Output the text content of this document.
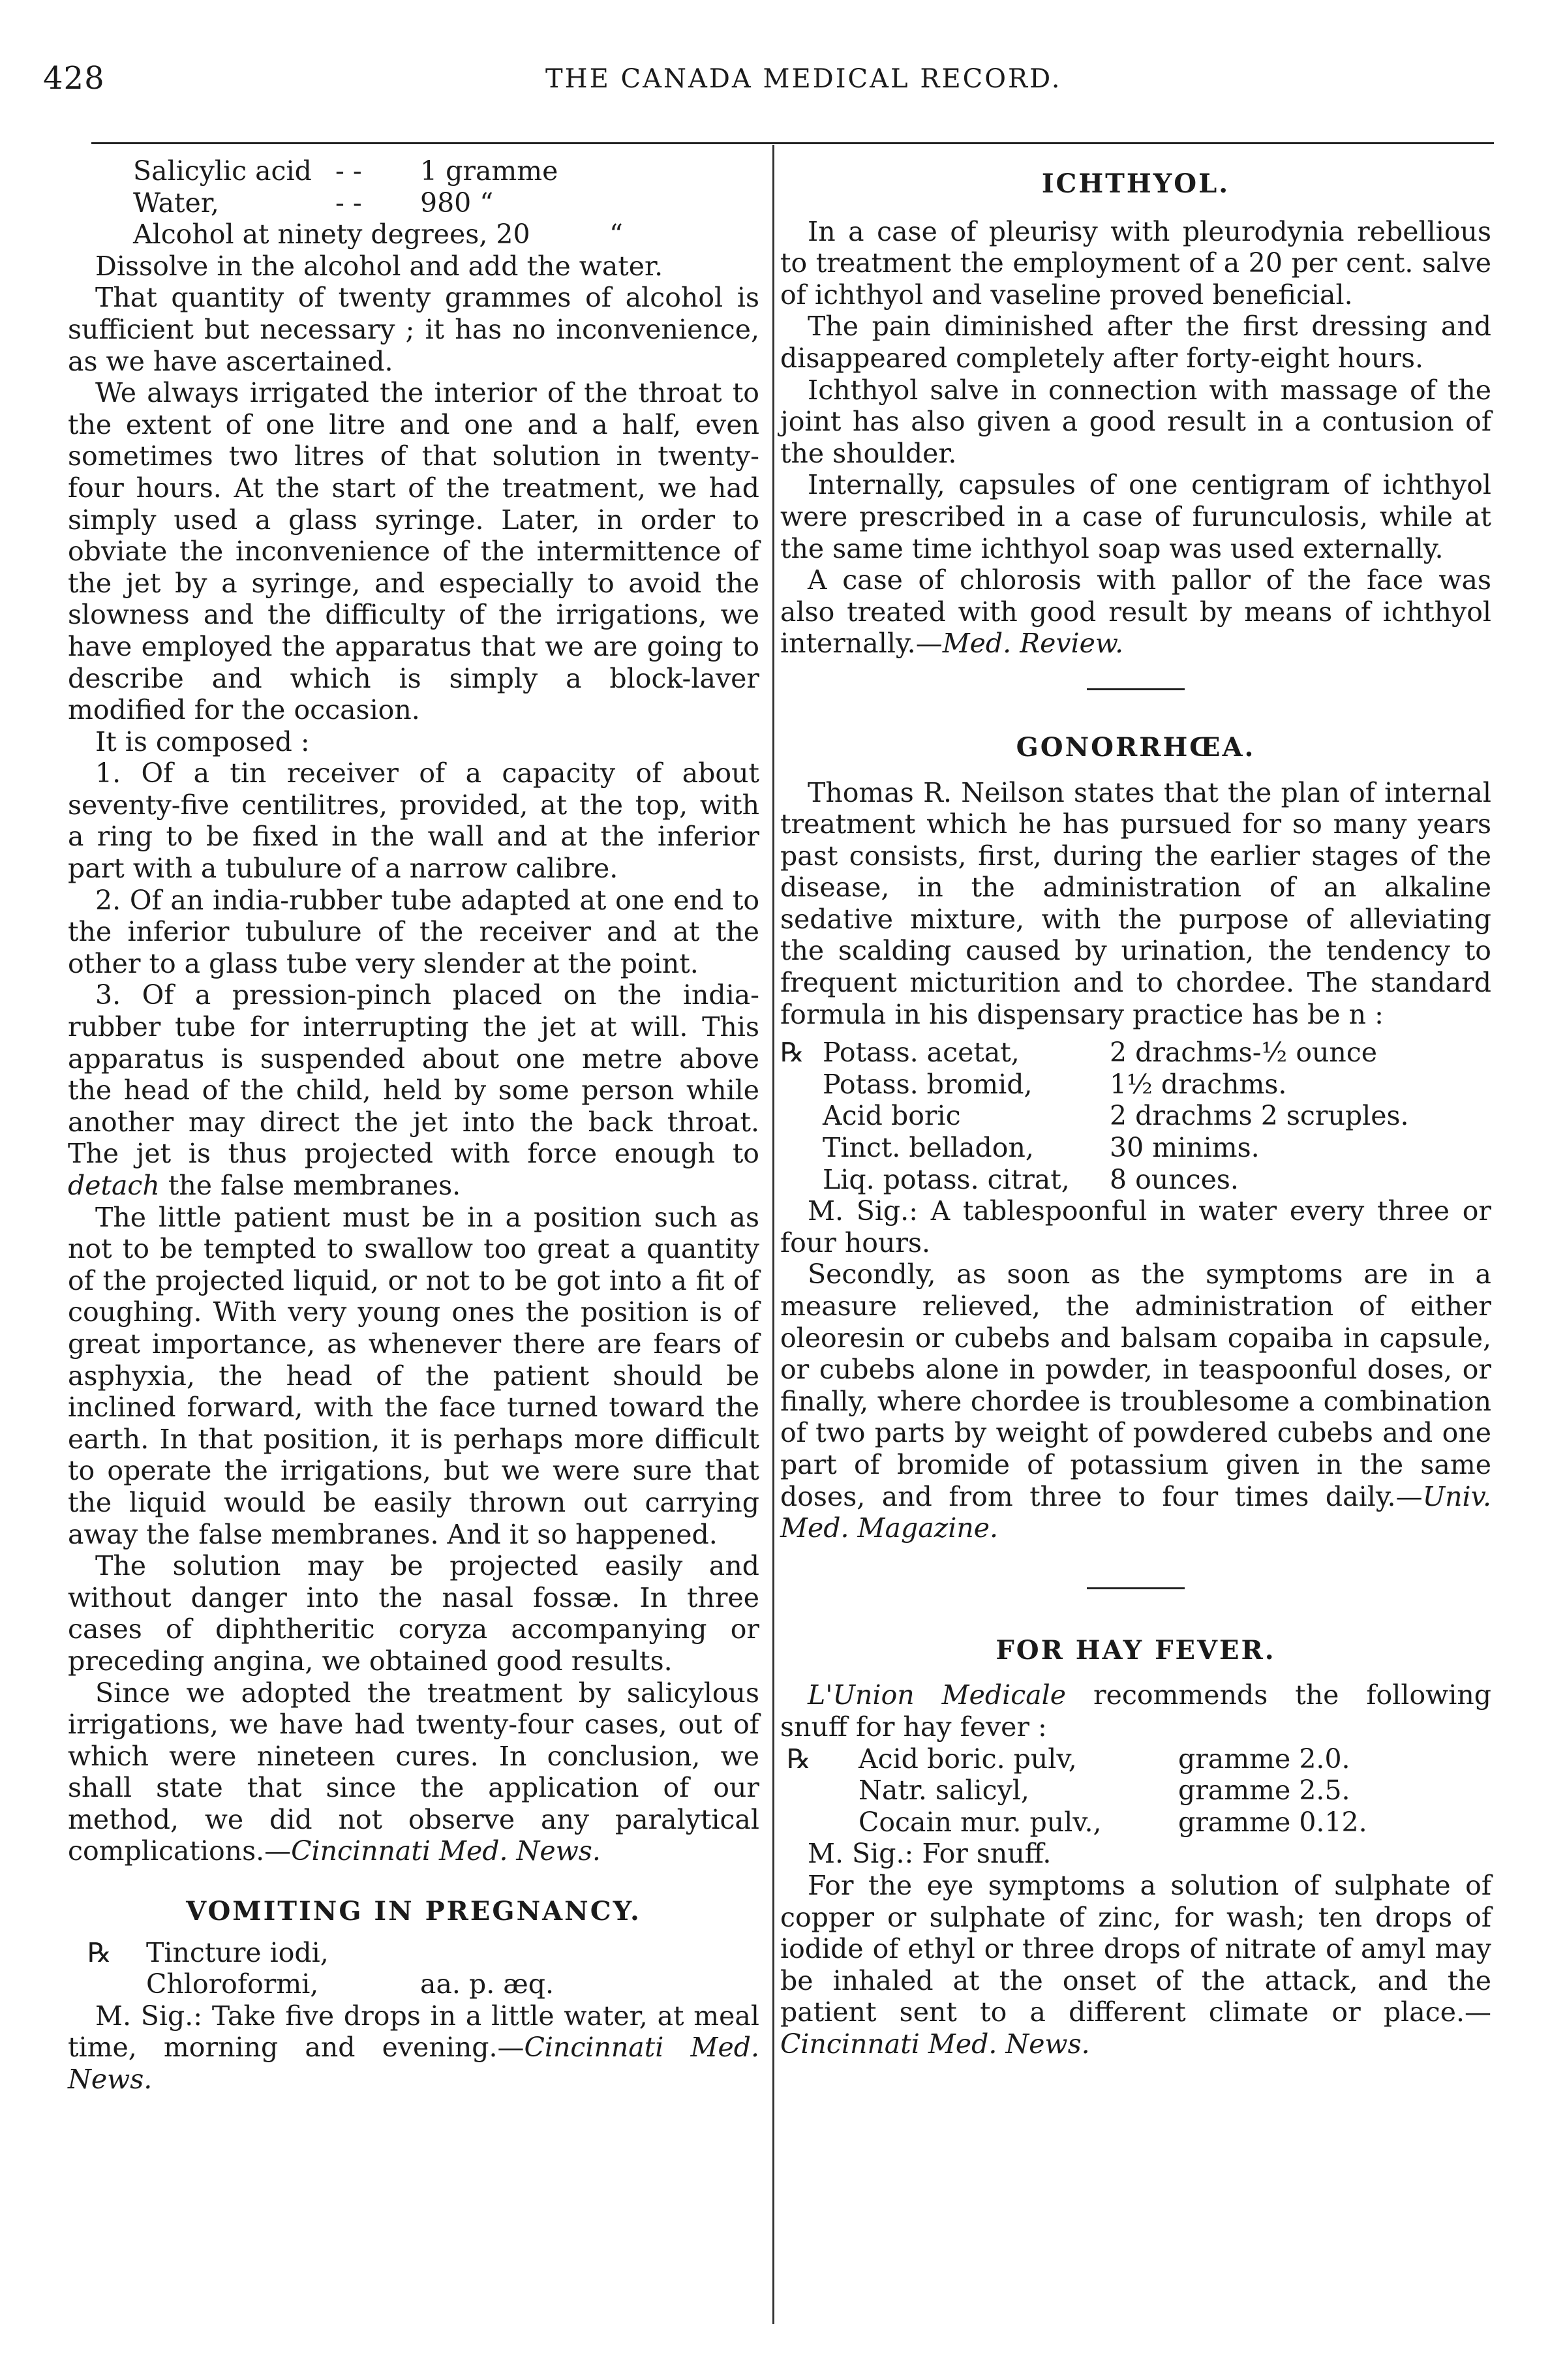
428	THE CANADA MEDICAL RECORD.
Salicylic acid - -	1 gramme
Water,	- -	980 “
Alcohol at ninety degrees, 20	“

Dissolve in the alcohol and add the water.

That quantity of twenty grammes of alcohol is sufficient but necessary ; it has no inconvenience, as we have ascertained.

We always irrigated the interior of the throat to the extent of one litre and one and a half, even sometimes two litres of that solution in twenty-four hours. At the start of the treatment, we had simply used a glass syringe. Later, in order to obviate the inconvenience of the intermittence of the jet by a syringe, and especially to avoid the slowness and the difficulty of the irrigations, we have employed the apparatus that we are going to describe and which is simply a block-laver modified for the occasion.

It is composed :

1. Of a tin receiver of a capacity of about seventy-five centilitres, provided, at the top, with a ring to be fixed in the wall and at the inferior part with a tubulure of a narrow calibre.

2. Of an india-rubber tube adapted at one end to the inferior tubulure of the receiver and at the other to a glass tube very slender at the point.

3. Of a pression-pinch placed on the india-rubber tube for interrupting the jet at will. This apparatus is suspended about one metre above the head of the child, held by some person while another may direct the jet into the back throat. The jet is thus projected with force enough to detach the false membranes.

The little patient must be in a position such as not to be tempted to swallow too great a quantity of the projected liquid, or not to be got into a fit of coughing. With very young ones the position is of great importance, as whenever there are fears of asphyxia, the head of the patient should be inclined forward, with the face turned toward the earth. In that position, it is perhaps more difficult to operate the irrigations, but we were sure that the liquid would be easily thrown out carrying away the false membranes. And it so happened.

The solution may be projected easily and without danger into the nasal fossæ. In three cases of diphtheritic coryza accompanying or preceding angina, we obtained good results.

Since we adopted the treatment by salicylous irrigations, we have had twenty-four cases, out of which were nineteen cures. In conclusion, we shall state that since the application of our method, we did not observe any paralytical complications.—Cincinnati Med. News.

VOMITING IN PREGNANCY.
℞	Tincture iodi,
Chloroformi,	aa. p. æq.

M. Sig.: Take five drops in a little water, at meal time, morning and evening.—Cincinnati Med. News.

ICHTHYOL.

In a case of pleurisy with pleurodynia rebellious to treatment the employment of a 20 per cent. salve of ichthyol and vaseline proved beneficial.

The pain diminished after the first dressing and disappeared completely after forty-eight hours.

Ichthyol salve in connection with massage of the joint has also given a good result in a contusion of the shoulder.

Internally, capsules of one centigram of ichthyol were prescribed in a case of furunculosis, while at the same time ichthyol soap was used externally.

A case of chlorosis with pallor of the face was also treated with good result by means of ichthyol internally.—Med. Review.

GONORRHŒA.

Thomas R. Neilson states that the plan of internal treatment which he has pursued for so many years past consists, first, during the earlier stages of the disease, in the administration of an alkaline sedative mixture, with the purpose of alleviating the scalding caused by urination, the tendency to frequent micturition and to chordee. The standard formula in his dispensary practice has be n :

℞ Potass. acetat,	2 drachms-½ ounce
Potass. bromid,	1½ drachms.
Acid boric	2 drachms 2 scruples.
Tinct. belladon,	30 minims.
Liq. potass. citrat,	8 ounces.

M. Sig.: A tablespoonful in water every three or four hours.

Secondly, as soon as the symptoms are in a measure relieved, the administration of either oleoresin or cubebs and balsam copaiba in capsule, or cubebs alone in powder, in teaspoonful doses, or finally, where chordee is troublesome a combination of two parts by weight of powdered cubebs and one part of bromide of potassium given in the same doses, and from three to four times daily.—Univ. Med. Magazine.

FOR HAY FEVER.

L'Union Medicale recommends the following snuff for hay fever :

℞	Acid boric. pulv,	gramme 2.0.
Natr. salicyl,	gramme 2.5.
Cocain mur. pulv.,	gramme 0.12.

M. Sig.: For snuff.

For the eye symptoms a solution of sulphate of copper or sulphate of zinc, for wash; ten drops of iodide of ethyl or three drops of nitrate of amyl may be inhaled at the onset of the attack, and the patient sent to a different climate or place.—Cincinnati Med. News.
